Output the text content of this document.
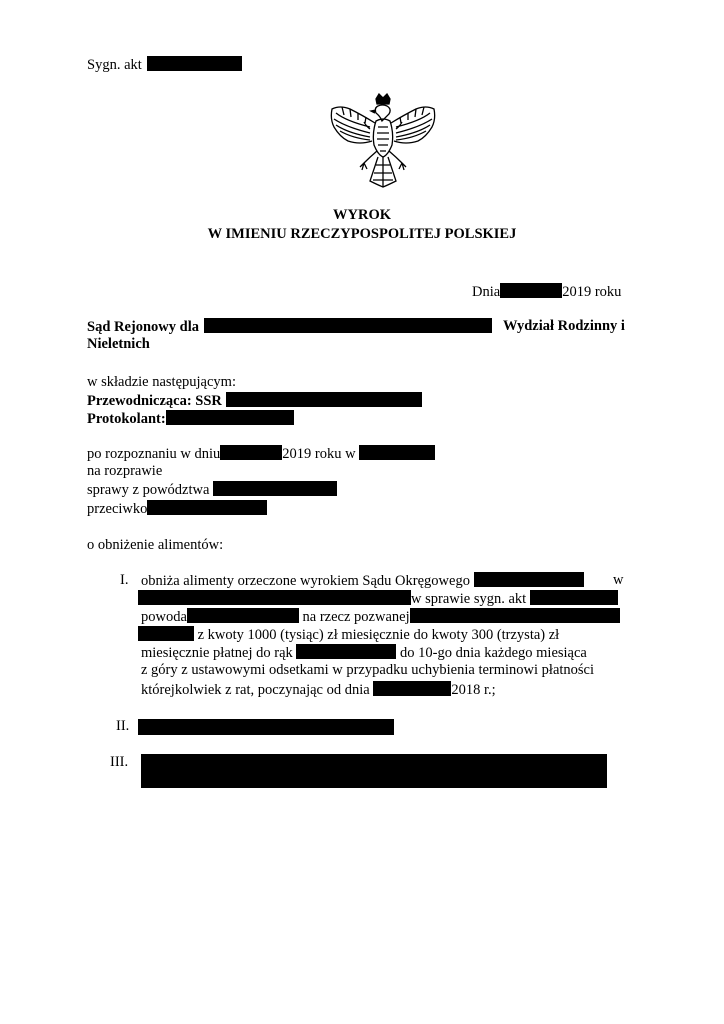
Sygn. akt
WYROK
W IMIENIU RZECZYPOSPOLITEJ POLSKIEJ
Dnia	2019 roku
Sąd Rejonowy dla	Wydział Rodzinny i
Nieletnich
w składzie następującym:
Przewodnicząca: SSR
Protokolant:
po rozpoznaniu w dniu	2019 roku w
na rozprawie
sprawy z powództwa
przeciwko
o obniżenie alimentów:
I. obniża alimenty orzeczone wyrokiem Sądu Okręgowego	w
w sprawie sygn. akt
powoda	na rzecz pozwanej
z kwoty 1000 (tysiąc) zł miesięcznie do kwoty 300 (trzysta) zł
miesięcznie płatnej do rąk	do 10-go dnia każdego miesiąca
z góry z ustawowymi odsetkami w przypadku uchybienia terminowi płatności
którejkolwiek z rat, poczynając od dnia	2018 r.;
II.
III.
